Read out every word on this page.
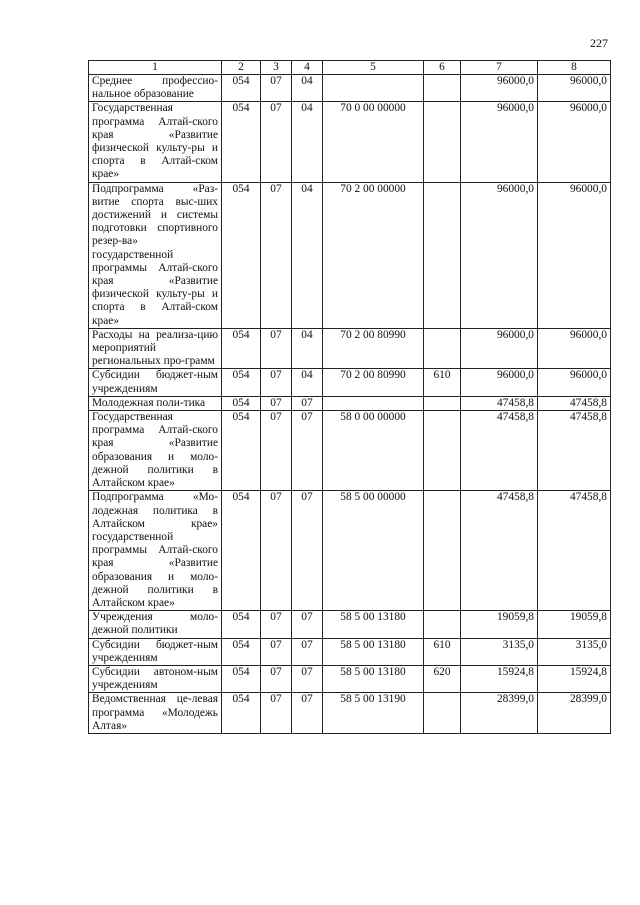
227
1	2	3	4	5	6	7	8
Среднее профессио-нальное образование	054	07	04			96000,0	96000,0
Государственная программа Алтай-ского края «Развитие физической культу-ры и спорта в Алтай-ском крае»	054	07	04	70 0 00 00000		96000,0	96000,0
Подпрограмма «Раз-витие спорта выс-ших достижений и системы подготовки спортивного резер-ва» государственной программы Алтай-ского края «Развитие физической культу-ры и спорта в Алтай-ском крае»	054	07	04	70 2 00 00000		96000,0	96000,0
Расходы на реализа-цию мероприятий региональных про-грамм	054	07	04	70 2 00 80990		96000,0	96000,0
Субсидии бюджет-ным учреждениям	054	07	04	70 2 00 80990	610	96000,0	96000,0
Молодежная поли-тика	054	07	07			47458,8	47458,8
Государственная программа Алтай-ского края «Развитие образования и моло-дежной политики в Алтайском крае»	054	07	07	58 0 00 00000		47458,8	47458,8
Подпрограмма «Мо-лодежная политика в Алтайском крае» государственной программы Алтай-ского края «Развитие образования и моло-дежной политики в Алтайском крае»	054	07	07	58 5 00 00000		47458,8	47458,8
Учреждения моло-дежной политики	054	07	07	58 5 00 13180		19059,8	19059,8
Субсидии бюджет-ным учреждениям	054	07	07	58 5 00 13180	610	3135,0	3135,0
Субсидии автоном-ным учреждениям	054	07	07	58 5 00 13180	620	15924,8	15924,8
Ведомственная це-левая программа «Молодежь Алтая»	054	07	07	58 5 00 13190		28399,0	28399,0
